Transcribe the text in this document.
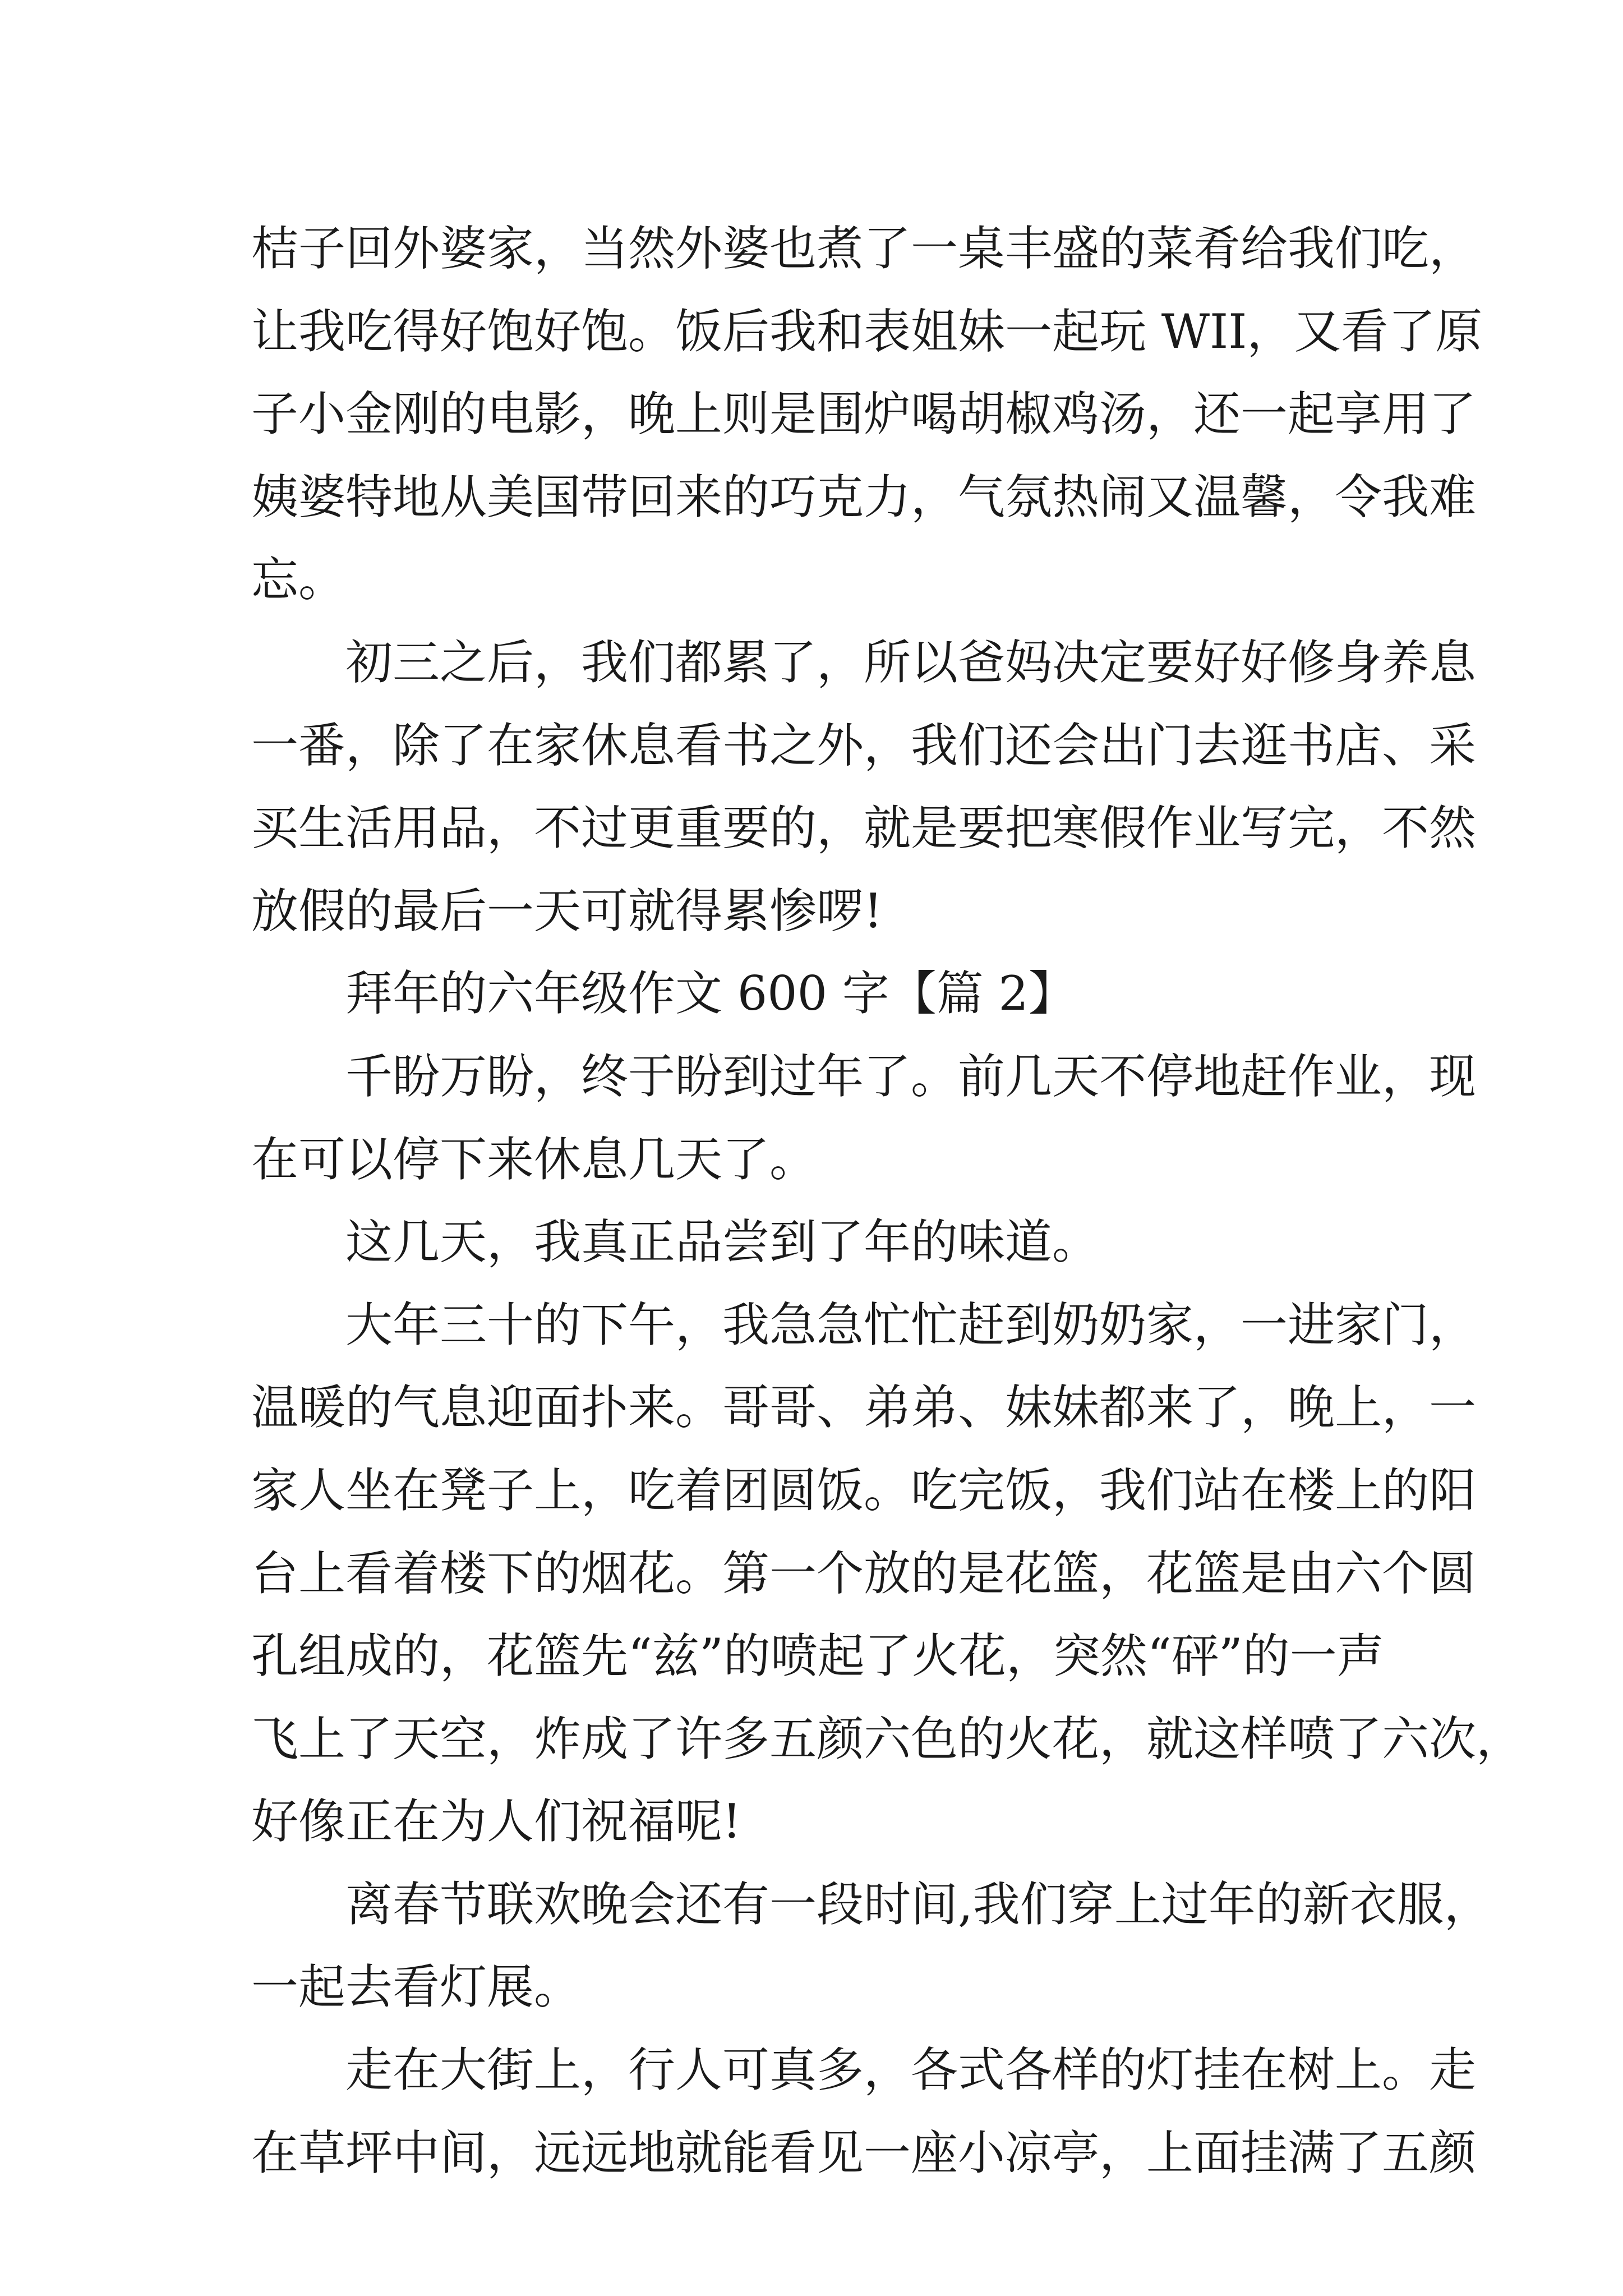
桔子回外婆家，当然外婆也煮了一桌丰盛的菜肴给我们吃，
让我吃得好饱好饱。饭后我和表姐妹一起玩 WII，又看了原
子小金刚的电影，晚上则是围炉喝胡椒鸡汤，还一起享用了
姨婆特地从美国带回来的巧克力，气氛热闹又温馨，令我难
忘。

初三之后，我们都累了，所以爸妈决定要好好修身养息
一番，除了在家休息看书之外，我们还会出门去逛书店、采
买生活用品，不过更重要的，就是要把寒假作业写完，不然
放假的最后一天可就得累惨啰!

拜年的六年级作文 600 字【篇 2】

千盼万盼，终于盼到过年了。前几天不停地赶作业，现
在可以停下来休息几天了。

这几天，我真正品尝到了年的味道。

大年三十的下午，我急急忙忙赶到奶奶家，一进家门，
温暖的气息迎面扑来。哥哥、弟弟、妹妹都来了，晚上，一
家人坐在凳子上，吃着团圆饭。吃完饭，我们站在楼上的阳
台上看着楼下的烟花。第一个放的是花篮，花篮是由六个圆
孔组成的，花篮先“兹”的喷起了火花，突然“砰”的一声
飞上了天空，炸成了许多五颜六色的火花，就这样喷了六次，
好像正在为人们祝福呢!

离春节联欢晚会还有一段时间,我们穿上过年的新衣服，
一起去看灯展。

走在大街上，行人可真多，各式各样的灯挂在树上。走
在草坪中间，远远地就能看见一座小凉亭，上面挂满了五颜
